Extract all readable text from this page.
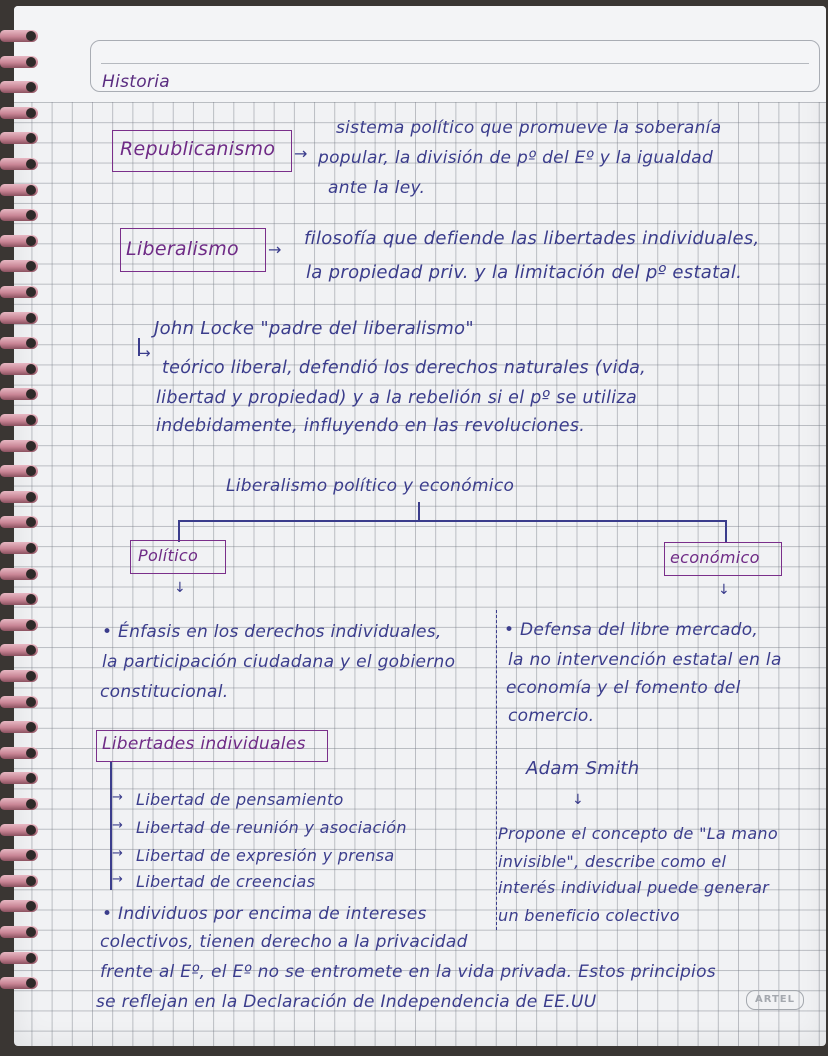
Historia
Republicanismo →
sistema político que promueve la soberanía
popular, la división de pº del Eº y la igualdad
ante la ley.
Liberalismo →
filosofía que defiende las libertades individuales,
la propiedad priv. y la limitación del pº estatal.
John Locke "padre del liberalismo"
→
teórico liberal, defendió los derechos naturales (vida,
libertad y propiedad) y a la rebelión si el pº se utiliza
indebidamente, influyendo en las revoluciones.
Liberalismo político y económico
Político	económico
↓	↓
• Énfasis en los derechos individuales,
la participación ciudadana y el gobierno
constitucional.
• Defensa del libre mercado,
la no intervención estatal en la
economía y el fomento del
comercio.
Libertades individuales
→ Libertad de pensamiento
→ Libertad de reunión y asociación
→ Libertad de expresión y prensa
→ Libertad de creencias
Adam Smith
↓
Propone el concepto de "La mano
invisible", describe como el
interés individual puede generar
un beneficio colectivo
• Individuos por encima de intereses
colectivos, tienen derecho a la privacidad
frente al Eº, el Eº no se entromete en la vida privada. Estos principios
se reflejan en la Declaración de Independencia de EE.UU	ARTEL
